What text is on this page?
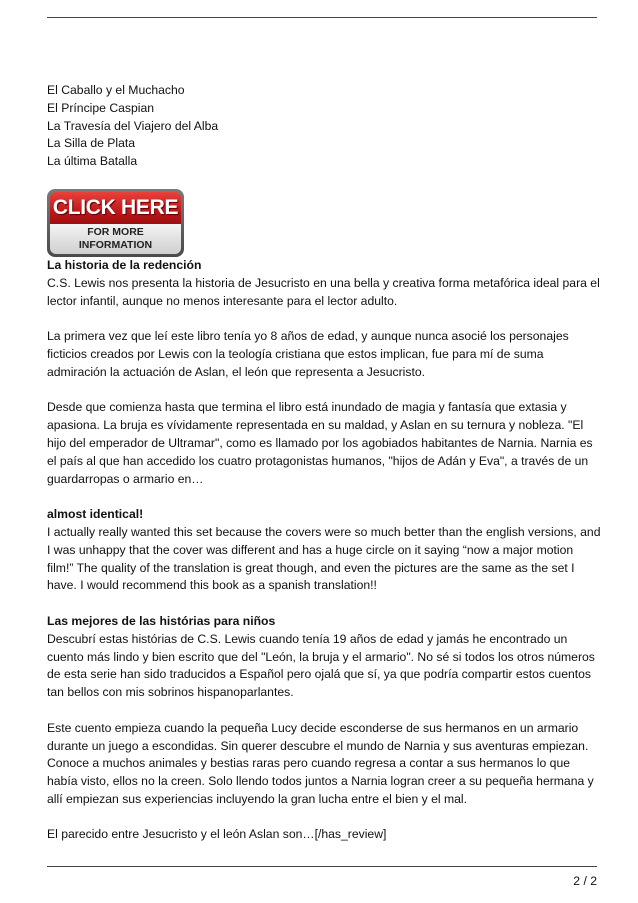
El Caballo y el Muchacho
El Príncipe Caspian
La Travesía del Viajero del Alba
La Silla de Plata
La última Batalla
CLICK HERE
FOR MORE
INFORMATION
La historia de la redención

C.S. Lewis nos presenta la historia de Jesucristo en una bella y creativa forma metafórica ideal para el lector infantil, aunque no menos interesante para el lector adulto.

La primera vez que leí este libro tenía yo 8 años de edad, y aunque nunca asocié los personajes ficticios creados por Lewis con la teología cristiana que estos implican, fue para mí de suma admiración la actuación de Aslan, el león que representa a Jesucristo.

Desde que comienza hasta que termina el libro está inundado de magia y fantasía que extasia y apasiona. La bruja es vívidamente representada en su maldad, y Aslan en su ternura y nobleza. "El hijo del emperador de Ultramar", como es llamado por los agobiados habitantes de Narnia. Narnia es el país al que han accedido los cuatro protagonistas humanos, "hijos de Adán y Eva", a través de un guardarropas o armario en…

almost identical!

I actually really wanted this set because the covers were so much better than the english versions, and I was unhappy that the cover was different and has a huge circle on it saying “now a major motion film!” The quality of the translation is great though, and even the pictures are the same as the set I have. I would recommend this book as a spanish translation!!

Las mejores de las histórias para niños

Descubrí estas histórias de C.S. Lewis cuando tenía 19 años de edad y jamás he encontrado un cuento más lindo y bien escrito que del "León, la bruja y el armario". No sé si todos los otros números de esta serie han sido traducidos a Español pero ojalá que sí, ya que podría compartir estos cuentos tan bellos con mis sobrinos hispanoparlantes.

Este cuento empieza cuando la pequeña Lucy decide esconderse de sus hermanos en un armario durante un juego a escondidas. Sin querer descubre el mundo de Narnia y sus aventuras empiezan. Conoce a muchos animales y bestias raras pero cuando regresa a contar a sus hermanos lo que había visto, ellos no la creen. Solo llendo todos juntos a Narnia logran creer a su pequeña hermana y allí empiezan sus experiencias incluyendo la gran lucha entre el bien y el mal.

El parecido entre Jesucristo y el león Aslan son…[/has_review]

2 / 2
